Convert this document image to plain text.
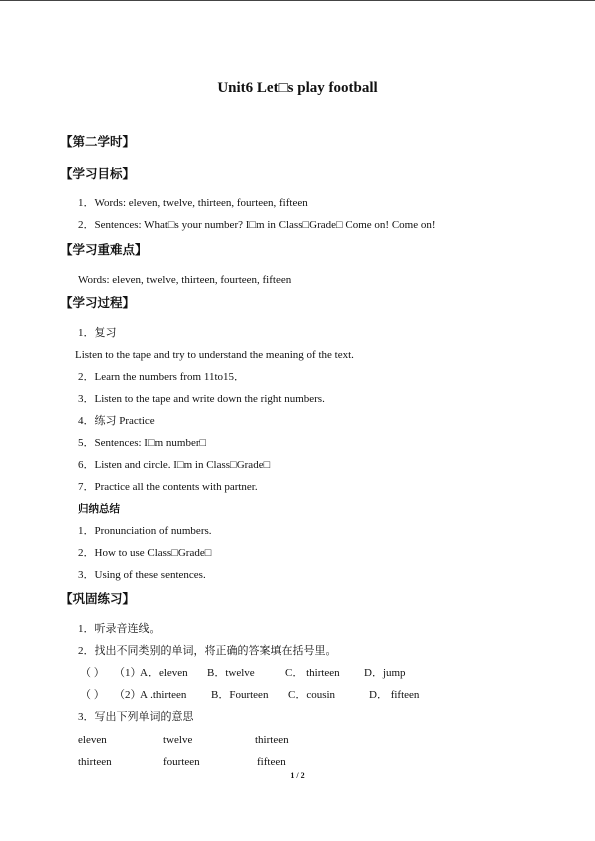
Unit6 Let□s play football
【第二学时】
【学习目标】
1．Words: eleven, twelve, thirteen, fourteen, fifteen
2．Sentences: What□s your number? I□m in Class□Grade□ Come on! Come on!
【学习重难点】
Words: eleven, twelve, thirteen, fourteen, fifteen
【学习过程】
1．复习
Listen to the tape and try to understand the meaning of the text.
2．Learn the numbers from 11to15．
3．Listen to the tape and write down the right numbers.
4．练习 Practice
5．Sentences: I□m number□
6．Listen and circle. I□m in Class□Grade□
7．Practice all the contents with partner.
归纳总结
1．Pronunciation of numbers.
2．How to use Class□Grade□
3．Using of these sentences.
【巩固练习】
1．听录音连线。
2．找出不同类别的单词，将正确的答案填在括号里。
（ ） （1）
A．eleven B．twelve	C． thirteen D．jump
（ ） （2）
A .thirteen B．Fourteen C．cousin	D． fifteen
3．写出下列单词的意思
eleven	twelve	thirteen
thirteen	fourteen	fifteen
1 / 2
